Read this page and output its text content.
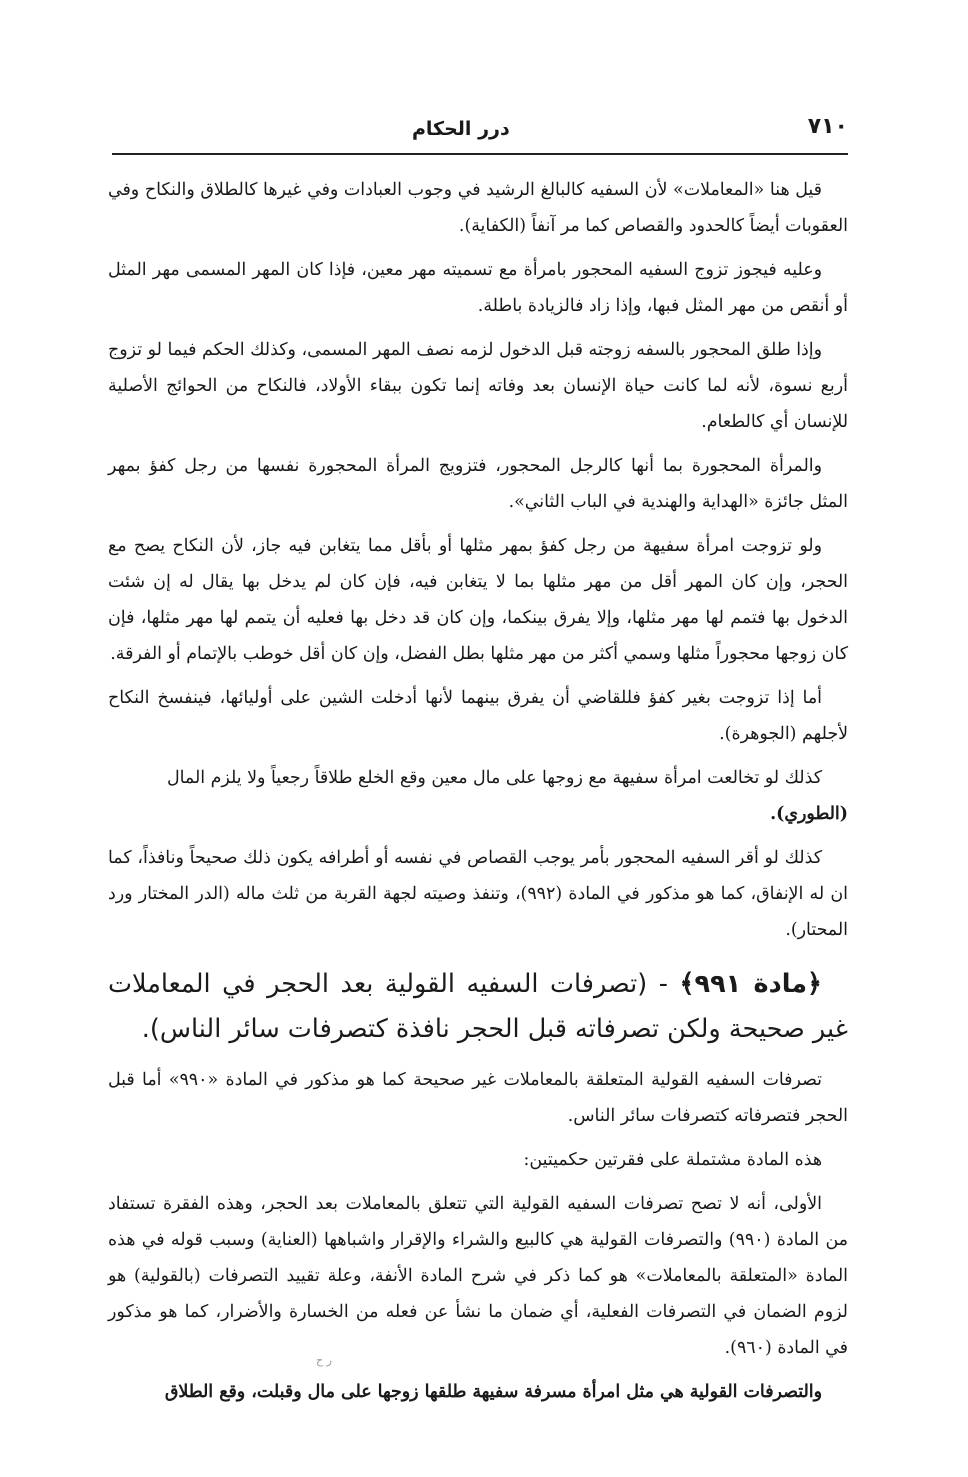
٧١٠
درر الحكام

قيل هنا «المعاملات» لأن السفيه كالبالغ الرشيد في وجوب العبادات وفي غيرها كالطلاق والنكاح وفي العقوبات أيضاً كالحدود والقصاص كما مر آنفاً (الكفاية).

وعليه فيجوز تزوج السفيه المحجور بامرأة مع تسميته مهر معين، فإذا كان المهر المسمى مهر المثل أو أنقص من مهر المثل فبها، وإذا زاد فالزيادة باطلة.

وإذا طلق المحجور بالسفه زوجته قبل الدخول لزمه نصف المهر المسمى، وكذلك الحكم فيما لو تزوج أربع نسوة، لأنه لما كانت حياة الإنسان بعد وفاته إنما تكون ببقاء الأولاد، فالنكاح من الحوائج الأصلية للإنسان أي كالطعام.

والمرأة المحجورة بما أنها كالرجل المحجور، فتزويج المرأة المحجورة نفسها من رجل كفؤ بمهر المثل جائزة «الهداية والهندية في الباب الثاني».

ولو تزوجت امرأة سفيهة من رجل كفؤ بمهر مثلها أو بأقل مما يتغابن فيه جاز، لأن النكاح يصح مع الحجر، وإن كان المهر أقل من مهر مثلها بما لا يتغابن فيه، فإن كان لم يدخل بها يقال له إن شئت الدخول بها فتمم لها مهر مثلها، وإلا يفرق بينكما، وإن كان قد دخل بها فعليه أن يتمم لها مهر مثلها، فإن كان زوجها محجوراً مثلها وسمي أكثر من مهر مثلها بطل الفضل، وإن كان أقل خوطب بالإتمام أو الفرقة.

أما إذا تزوجت بغير كفؤ فللقاضي أن يفرق بينهما لأنها أدخلت الشين على أوليائها، فينفسخ النكاح لأجلهم (الجوهرة).

كذلك لو تخالعت امرأة سفيهة مع زوجها على مال معين وقع الخلع طلاقاً رجعياً ولا يلزم المال

(الطوري).

كذلك لو أقر السفيه المحجور بأمر يوجب القصاص في نفسه أو أطرافه يكون ذلك صحيحاً ونافذاً، كما ان له الإنفاق، كما هو مذكور في المادة (٩٩٢)، وتنفذ وصيته لجهة القربة من ثلث ماله (الدر المختار ورد المحتار).

﴿مادة ٩٩١﴾ - (تصرفات السفيه القولية بعد الحجر في المعاملات غير صحيحة ولكن تصرفاته قبل الحجر نافذة كتصرفات سائر الناس).

تصرفات السفيه القولية المتعلقة بالمعاملات غير صحيحة كما هو مذكور في المادة «٩٩٠» أما قبل الحجر فتصرفاته كتصرفات سائر الناس.

هذه المادة مشتملة على فقرتين حكميتين:

الأولى، أنه لا تصح تصرفات السفيه القولية التي تتعلق بالمعاملات بعد الحجر، وهذه الفقرة تستفاد من المادة (٩٩٠) والتصرفات القولية هي كالبيع والشراء والإقرار واشباهها (العناية) وسبب قوله في هذه المادة «المتعلقة بالمعاملات» هو كما ذكر في شرح المادة الأنفة، وعلة تقييد التصرفات (بالقولية) هو لزوم الضمان في التصرفات الفعلية، أي ضمان ما نشأ عن فعله من الخسارة والأضرار، كما هو مذكور في المادة (٩٦٠).

والتصرفات القولية هي مثل امرأة مسرفة سفيهة طلقها زوجها على مال وقبلت، وقع الطلاق

ﺭ ﺡ
